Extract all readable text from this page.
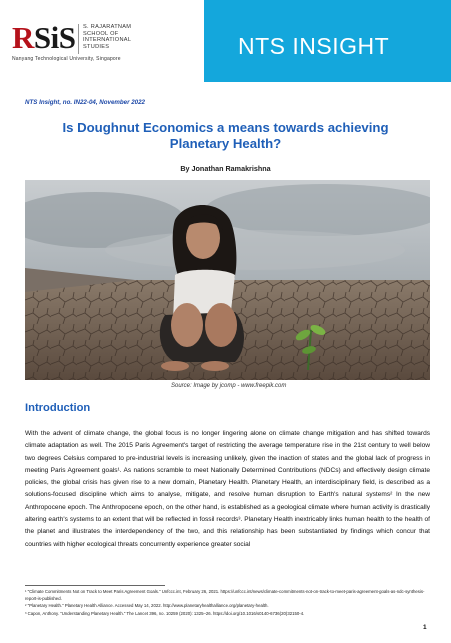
RSiS S. RAJARATNAM
SCHOOL OF
INTERNATIONAL
STUDIES
Nanyang Technological University, Singapore	NTS INSIGHT
NTS Insight, no. IN22-04, November 2022
Is Doughnut Economics a means towards achieving Planetary Health?
By Jonathan Ramakrishna
Source: Image by jcomp - www.freepik.com
Introduction
With the advent of climate change, the global focus is no longer lingering alone on climate change mitigation and has shifted towards climate adaptation as well. The 2015 Paris Agreement's target of restricting the average temperature rise in the 21st century to well below two degrees Celsius compared to pre-industrial levels is increasing unlikely, given the inaction of states and the global lack of progress in meeting Paris Agreement goals¹. As nations scramble to meet Nationally Determined Contributions (NDCs) and effectively design climate policies, the global crisis has given rise to a new domain, Planetary Health. Planetary Health, an interdisciplinary field, is described as a solutions-focused discipline which aims to analyse, mitigate, and resolve human disruption to Earth's natural systems² In the new Anthropocene epoch. The Anthropocene epoch, on the other hand, is established as a geological climate where human activity is drastically altering earth's systems to an extent that will be reflected in fossil records³. Planetary Health inextricably links human health to the health of the planet and illustrates the interdependency of the two, and this relationship has been substantiated by findings which concur that countries with higher ecological threats concurrently experience greater social

¹ "Climate Commitments Not on Track to Meet Paris Agreement Goals." Unfccc.int, February 26, 2021. https://unfccc.int/news/climate-commitments-not-on-track-to-meet-paris-agreement-goals-as-ndc-synthesis-report-is-published.

² "Planetary Health." Planetary Health Alliance. Accessed May 14, 2022. http://www.planetaryhealthalliance.org/planetary-health.

³ Capon, Anthony. "Understanding Planetary Health." The Lancet 396, no. 10259 (2020): 1325–26. https://doi.org/10.1016/s0140-6736(20)32150-4.

1
